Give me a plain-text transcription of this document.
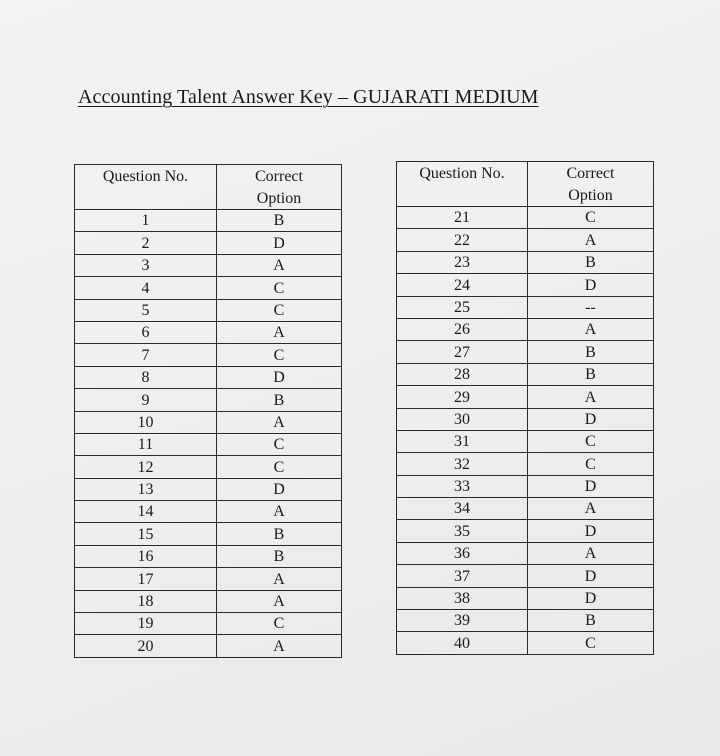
Accounting Talent Answer Key – GUJARATI MEDIUM
Question No.	Correct
Option

1	B
2	D
3	A
4	C
5	C
6	A
7	C
8	D
9	B
10	A
11	C
12	C
13	D
14	A
15	B
16	B
17	A
18	A
19	C
20	A
Question No.	Correct
Option

21	C
22	A
23	B
24	D
25	--
26	A
27	B
28	B
29	A
30	D
31	C
32	C
33	D
34	A
35	D
36	A
37	D
38	D
39	B
40	C
